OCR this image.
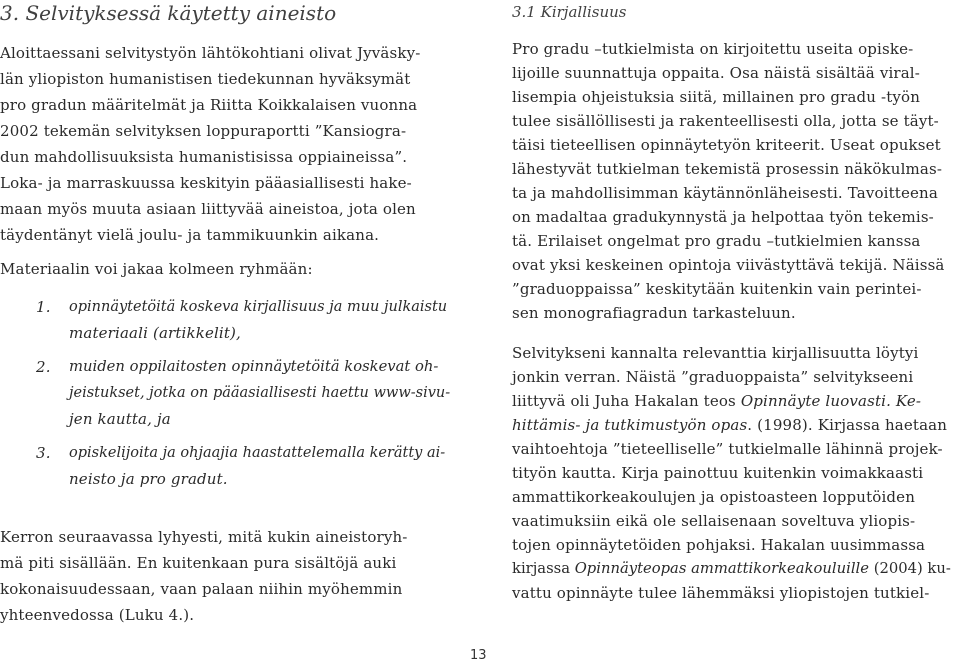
3. Selvityksessä käytetty aineisto	3.1 Kirjallisuus
Aloittaessani selvitystyön lähtökohtiani olivat Jyväsky-
län yliopiston humanistisen tiedekunnan hyväksymät
pro gradun määritelmät ja Riitta Koikkalaisen vuonna
2002 tekemän selvityksen loppuraportti ”Kansiogra-
dun mahdollisuuksista humanistisissa oppiaineissa”.
Loka- ja marraskuussa keskityin pääasiallisesti hake-
maan myös muuta asiaan liittyvää aineistoa, jota olen
täydentänyt vielä joulu- ja tammikuunkin aikana.
Materiaalin voi jakaa kolmeen ryhmään:
1. opinnäytetöitä koskeva kirjallisuus ja muu julkaistu
materiaali (artikkelit),
2. muiden oppilaitosten opinnäytetöitä koskevat oh-
jeistukset, jotka on pääasiallisesti haettu www-sivu-
jen kautta, ja
3. opiskelijoita ja ohjaajia haastattelemalla kerätty ai-
neisto ja pro gradut.
Kerron seuraavassa lyhyesti, mitä kukin aineistoryh-
mä piti sisällään. En kuitenkaan pura sisältöjä auki
kokonaisuudessaan, vaan palaan niihin myöhemmin
yhteenvedossa (Luku 4.).
Pro gradu –tutkielmista on kirjoitettu useita opiske-
lijoille suunnattuja oppaita. Osa näistä sisältää viral-
lisempia ohjeistuksia siitä, millainen pro gradu -työn
tulee sisällöllisesti ja rakenteellisesti olla, jotta se täyt-
täisi tieteellisen opinnäytetyön kriteerit. Useat opukset
lähestyvät tutkielman tekemistä prosessin näkökulmas-
ta ja mahdollisimman käytännönläheisesti. Tavoitteena
on madaltaa gradukynnystä ja helpottaa työn tekemis-
tä. Erilaiset ongelmat pro gradu –tutkielmien kanssa
ovat yksi keskeinen opintoja viivästyttävä tekijä. Näissä
”graduoppaissa” keskitytään kuitenkin vain perintei-
sen monografiagradun tarkasteluun.
Selvitykseni kannalta relevanttia kirjallisuutta löytyi
jonkin verran. Näistä ”graduoppaista” selvitykseeni
liittyvä oli Juha Hakalan teos Opinnäyte luovasti. Ke-
hittämis- ja tutkimustyön opas. (1998). Kirjassa haetaan
vaihtoehtoja ”tieteelliselle” tutkielmalle lähinnä projek-
tityön kautta. Kirja painottuu kuitenkin voimakkaasti
ammattikorkeakoulujen ja opistoasteen lopputöiden
vaatimuksiin eikä ole sellaisenaan soveltuva yliopis-
tojen opinnäytetöiden pohjaksi. Hakalan uusimmassa
kirjassa Opinnäyteopas ammattikorkeakouluille (2004) ku-
vattu opinnäyte tulee lähemmäksi yliopistojen tutkiel-
13
